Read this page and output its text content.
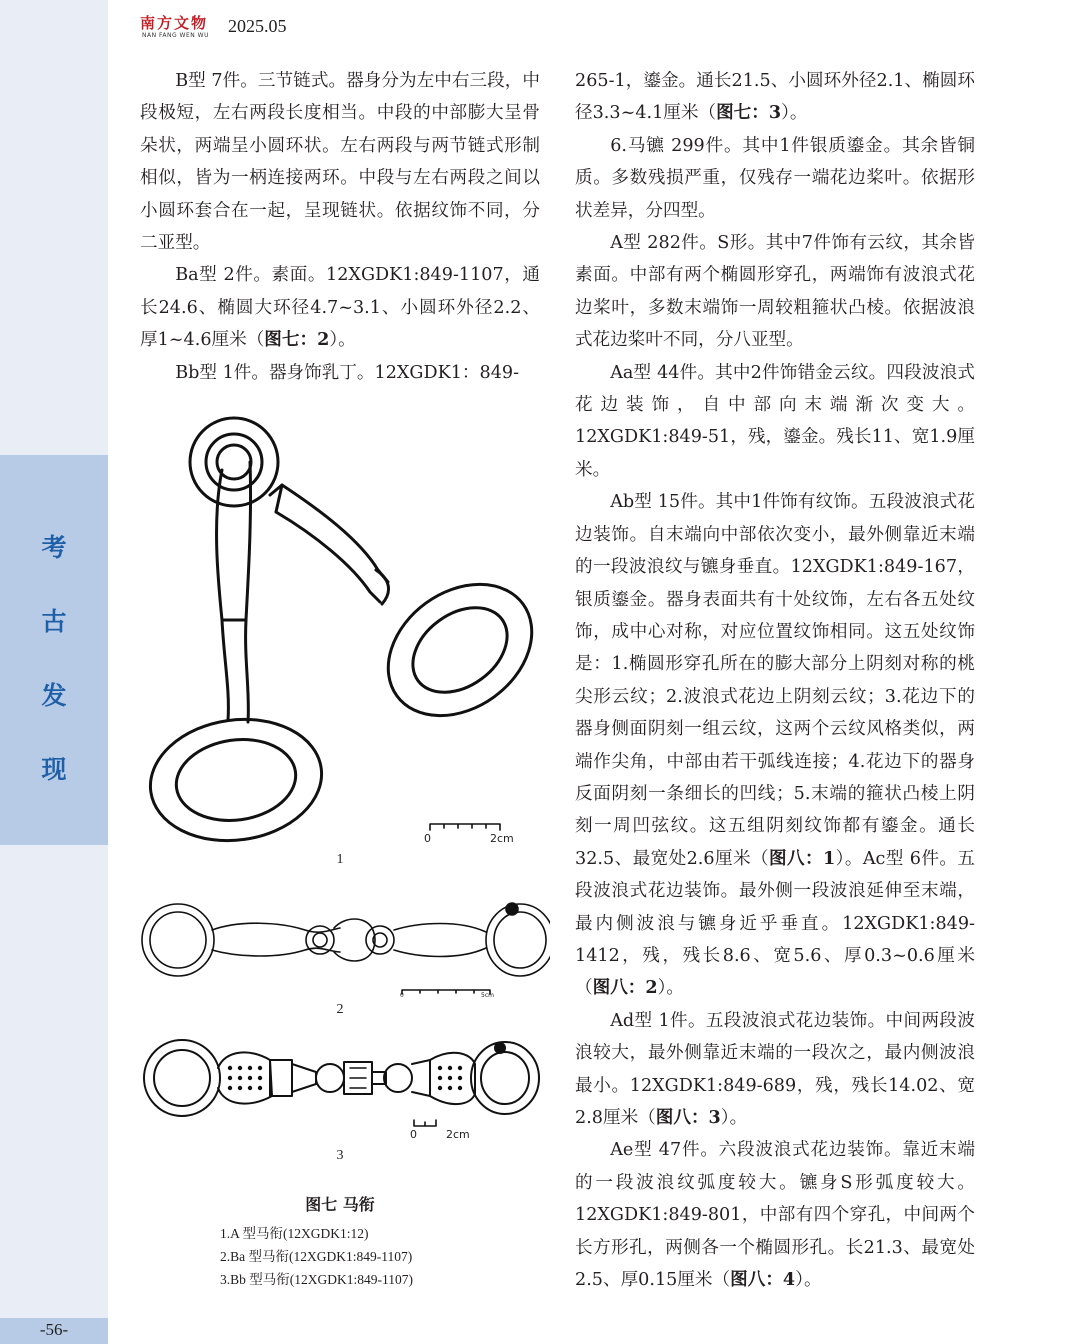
考
古
发
现
-56-
南方文物
NAN FANG WEN WU 2025.05

B型 7件。三节链式。器身分为左中右三段，中段极短，左右两段长度相当。中段的中部膨大呈骨朵状，两端呈小圆环状。左右两段与两节链式形制相似，皆为一柄连接两环。中段与左右两段之间以小圆环套合在一起，呈现链状。依据纹饰不同，分二亚型。

Ba型 2件。素面。12XGDK1:849-1107，通长24.6、椭圆大环径4.7~3.1、小圆环外径2.2、厚1~4.6厘米（图七：2）。

Bb型 1件。器身饰乳丁。12XGDK1：849-

265-1，鎏金。通长21.5、小圆环外径2.1、椭圆环径3.3~4.1厘米（图七：3）。

6.马镳 299件。其中1件银质鎏金。其余皆铜质。多数残损严重，仅残存一端花边桨叶。依据形状差异，分四型。

A型 282件。S形。其中7件饰有云纹，其余皆素面。中部有两个椭圆形穿孔，两端饰有波浪式花边桨叶，多数末端饰一周较粗箍状凸棱。依据波浪式花边桨叶不同，分八亚型。

Aa型 44件。其中2件饰错金云纹。四段波浪式花边装饰，自中部向末端渐次变大。12XGDK1:849-51，残，鎏金。残长11、宽1.9厘米。

Ab型 15件。其中1件饰有纹饰。五段波浪式花边装饰。自末端向中部依次变小，最外侧靠近末端的一段波浪纹与镳身垂直。12XGDK1:849-167，银质鎏金。器身表面共有十处纹饰，左右各五处纹饰，成中心对称，对应位置纹饰相同。这五处纹饰是：1.椭圆形穿孔所在的膨大部分上阴刻对称的桃尖形云纹；2.波浪式花边上阴刻云纹；3.花边下的器身侧面阴刻一组云纹，这两个云纹风格类似，两端作尖角，中部由若干弧线连接；4.花边下的器身反面阴刻一条细长的凹线；5.末端的箍状凸棱上阴刻一周凹弦纹。这五组阴刻纹饰都有鎏金。通长32.5、最宽处2.6厘米（图八：1）。Ac型 6件。五段波浪式花边装饰。最外侧一段波浪延伸至末端，最内侧波浪与镳身近乎垂直。12XGDK1:849-1412，残，残长8.6、宽5.6、厚0.3~0.6厘米（图八：2）。

Ad型 1件。五段波浪式花边装饰。中间两段波浪较大，最外侧靠近末端的一段次之，最内侧波浪最小。12XGDK1:849-689，残，残长14.02、宽2.8厘米（图八：3）。

Ae型 47件。六段波浪式花边装饰。靠近末端的一段波浪纹弧度较大。镳身S形弧度较大。12XGDK1:849-801，中部有四个穿孔，中间两个长方形孔，两侧各一个椭圆形孔。长21.3、最宽处2.5、厚0.15厘米（图八：4）。

1
2
3
0	2cm
0	5cm
0	2cm
图七 马衔
1.A 型马衔(12XGDK1:12)
2.Ba 型马衔(12XGDK1:849-1107)
3.Bb 型马衔(12XGDK1:849-1107)
